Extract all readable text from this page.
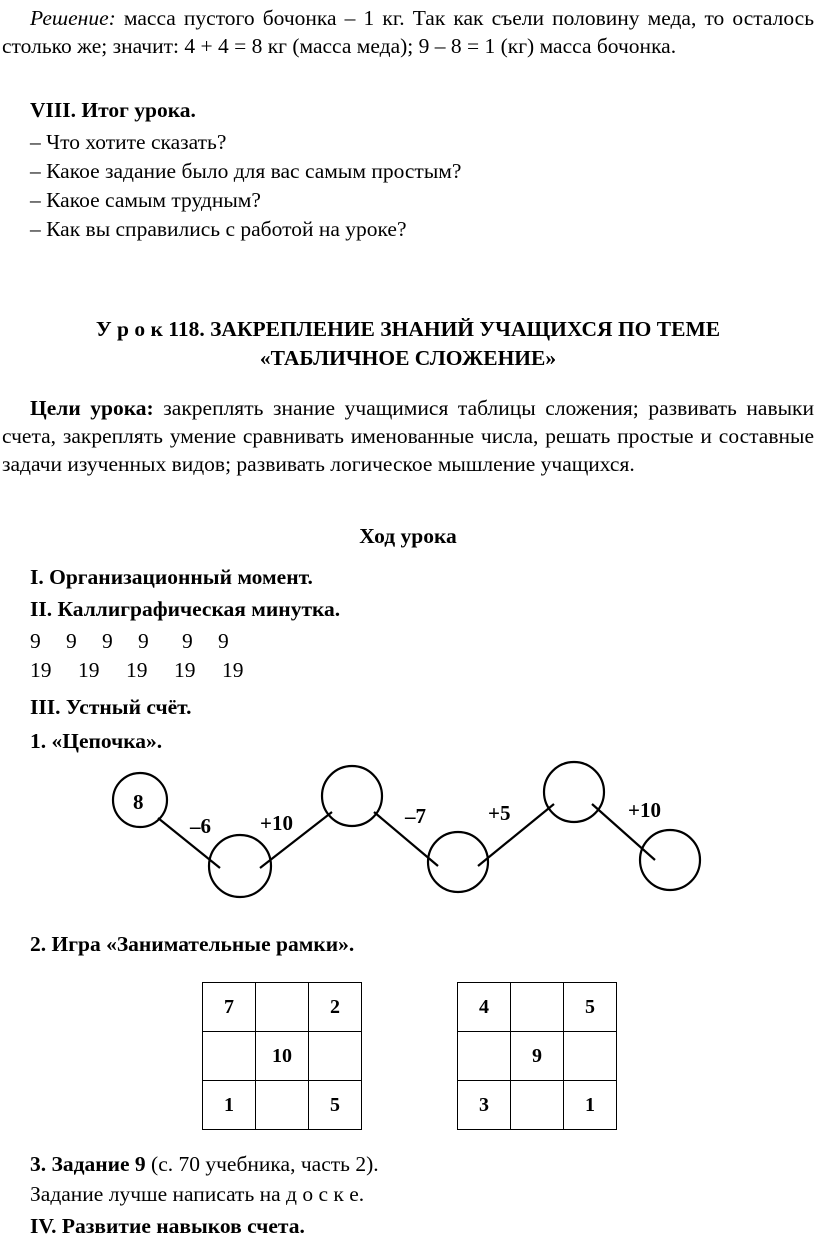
Решение: масса пустого бочонка – 1 кг. Так как съели половину меда, то осталось столько же; значит: 4 + 4 = 8 кг (масса меда); 9 – 8 = 1 (кг) масса бочонка.

VIII. Итог урока.

– Что хотите сказать?

– Какое задание было для вас самым простым?

– Какое самым трудным?

– Как вы справились с работой на уроке?

У р о к 118. ЗАКРЕПЛЕНИЕ ЗНАНИЙ УЧАЩИХСЯ ПО ТЕМЕ

«ТАБЛИЧНОЕ СЛОЖЕНИЕ»

Цели урока: закреплять знание учащимися таблицы сложения; развивать навыки счета, закреплять умение сравнивать именованные числа, решать простые и составные задачи изученных видов; развивать логическое мышление учащихся.

Ход урока

I. Организационный момент.

II. Каллиграфическая минутка.

9 9 9 9 9 9
19 19 19 19 19

III. Устный счёт.

1. «Цепочка».

8
–6 +10	–7	+5	+10

2. Игра «Занимательные рамки».

7		2
	10	
1		5
4		5
	9	
3		1

3. Задание 9 (с. 70 учебника, часть 2).

Задание лучше написать на д о с к е.

IV. Развитие навыков счета.
